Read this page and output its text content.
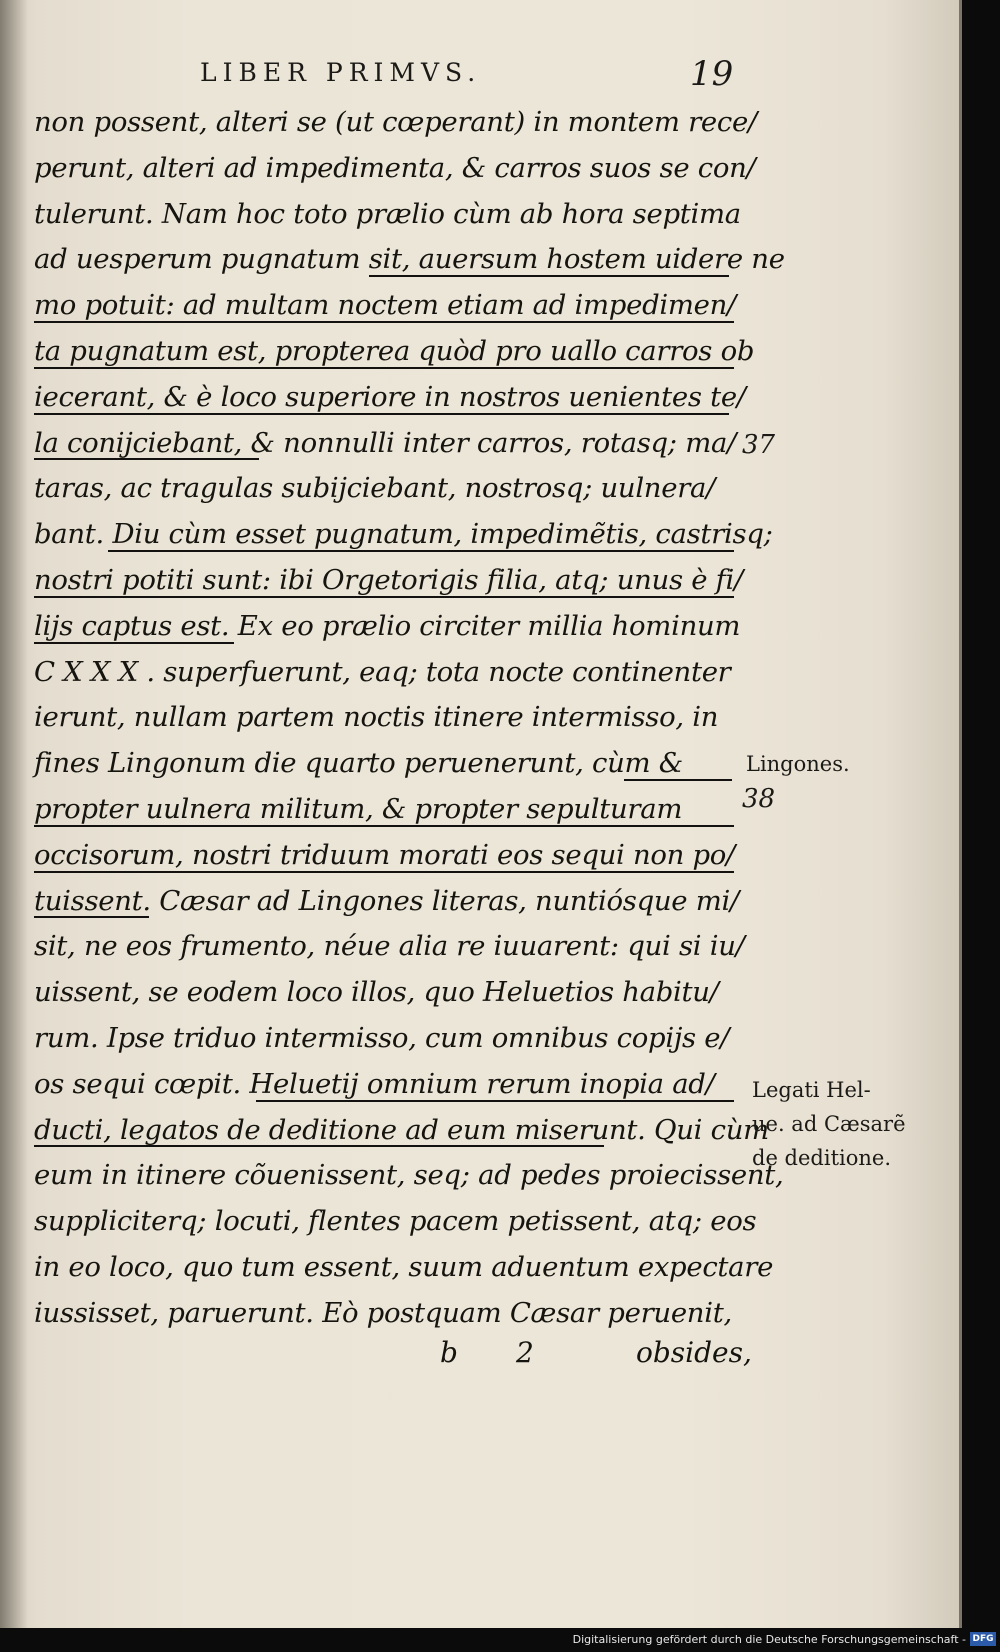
LIBER PRIMVS.	19
non possent, alteri se (ut cœperant) in montem rece/
perunt, alteri ad impedimenta, & carros suos se con/
tulerunt. Nam hoc toto prælio cùm ab hora septima
ad uesperum pugnatum sit, auersum hostem uidere ne
mo potuit: ad multam noctem etiam ad impedimen/
ta pugnatum est, propterea quòd pro uallo carros ob
iecerant, & è loco superiore in nostros uenientes te/
la conijciebant, & nonnulli inter carros, rotasq; ma/
taras, ac tragulas subijciebant, nostrosq; uulnera/
bant. Diu cùm esset pugnatum, impedimẽtis, castrisq;
nostri potiti sunt: ibi Orgetorigis filia, atq; unus è fi/
lijs captus est. Ex eo prælio circiter millia hominum
C X X X . superfuerunt, eaq; tota nocte continenter
ierunt, nullam partem noctis itinere intermisso, in
fines Lingonum die quarto peruenerunt, cùm &
propter uulnera militum, & propter sepulturam
occisorum, nostri triduum morati eos sequi non po/
tuissent. Cæsar ad Lingones literas, nuntiósque mi/
sit, ne eos frumento, néue alia re iuuarent: qui si iu/
uissent, se eodem loco illos, quo Heluetios habitu/
rum. Ipse triduo intermisso, cum omnibus copijs e/
os sequi cœpit. Heluetij omnium rerum inopia ad/
ducti, legatos de deditione ad eum miserunt. Qui cùm
eum in itinere cõuenissent, seq; ad pedes proiecissent,
suppliciterq; locuti, flentes pacem petissent, atq; eos
in eo loco, quo tum essent, suum aduentum expectare
iussisset, paruerunt. Eò postquam Cæsar peruenit,
b 2	obsides,
37
Lingones.
38
Legati Hel-
ue. ad Cæsarẽ
de deditione.
Digitalisierung gefördert durch die Deutsche Forschungsgemeinschaft - DFG
